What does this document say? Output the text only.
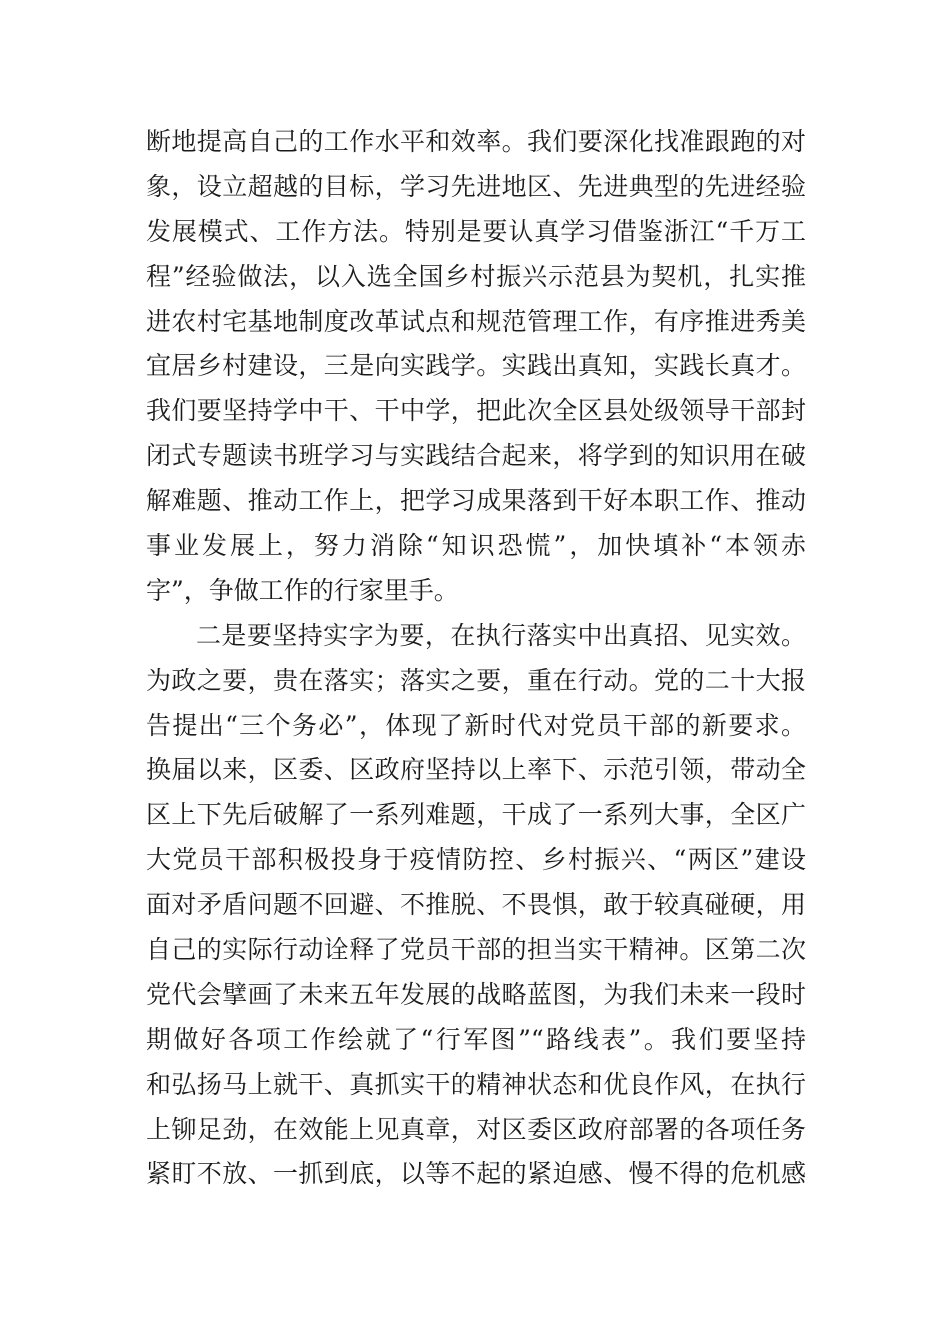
断地提高自己的工作水平和效率。我们要深化找准跟跑的对
象，设立超越的目标，学习先进地区、先进典型的先进经验
发展模式、工作方法。特别是要认真学习借鉴浙江“千万工
程”经验做法，以入选全国乡村振兴示范县为契机，扎实推
进农村宅基地制度改革试点和规范管理工作，有序推进秀美
宜居乡村建设，三是向实践学。实践出真知，实践长真才。
我们要坚持学中干、干中学，把此次全区县处级领导干部封
闭式专题读书班学习与实践结合起来，将学到的知识用在破
解难题、推动工作上，把学习成果落到干好本职工作、推动
事业发展上，努力消除“知识恐慌”，加快填补“本领赤
字”，争做工作的行家里手。
二是要坚持实字为要，在执行落实中出真招、见实效。
为政之要，贵在落实；落实之要，重在行动。党的二十大报
告提出“三个务必”，体现了新时代对党员干部的新要求。
换届以来，区委、区政府坚持以上率下、示范引领，带动全
区上下先后破解了一系列难题，干成了一系列大事，全区广
大党员干部积极投身于疫情防控、乡村振兴、“两区”建设
面对矛盾问题不回避、不推脱、不畏惧，敢于较真碰硬，用
自己的实际行动诠释了党员干部的担当实干精神。区第二次
党代会擘画了未来五年发展的战略蓝图，为我们未来一段时
期做好各项工作绘就了“行军图”“路线表”。我们要坚持
和弘扬马上就干、真抓实干的精神状态和优良作风，在执行
上铆足劲，在效能上见真章，对区委区政府部署的各项任务
紧盯不放、一抓到底，以等不起的紧迫感、慢不得的危机感
